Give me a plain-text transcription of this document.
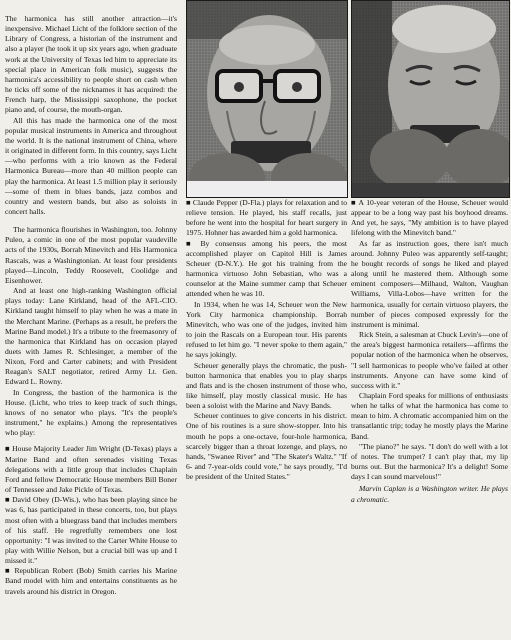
The harmonica has still another attraction—it's inexpensive. Michael Licht of the folklore section of the Library of Congress, a historian of the instrument and also a player (he took it up six years ago, when graduate work at the University of Texas led him to appreciate its special place in American folk music), suggests the harmonica's accessibility to people short on cash when he ticks off some of the nicknames it has acquired: the French harp, the Mississippi saxophone, the pocket piano and, of course, the mouth-organ.

All this has made the harmonica one of the most popular musical instruments in America and throughout the world. It is the national instrument of China, where it originated in different form. In this country, says Licht—who performs with a trio known as the Federal Harmonica Bureau—more than 40 million people can play the harmonica. At least 1.5 million play it seriously—some of them in blues bands, jazz combos and country and western bands, but also as soloists in concert halls.

The harmonica flourishes in Washington, too. Johnny Puleo, a comic in one of the most popular vaudeville acts of the 1930s, Borrah Minevitch and His Harmonica Rascals, was a Washingtonian. At least four presidents played—Lincoln, Teddy Roosevelt, Coolidge and Eisenhower.

And at least one high-ranking Washington official plays today: Lane Kirkland, head of the AFL-CIO. Kirkland taught himself to play when he was a mate in the Merchant Marine. (Perhaps as a result, he prefers the Marine Band model.) It's a tribute to the freemasonry of the harmonica that Kirkland has on occasion played duets with James R. Schlesinger, a member of the Nixon, Ford and Carter cabinets; and with President Reagan's SALT negotiator, retired Army Lt. Gen. Edward L. Rowny.

In Congress, the bastion of the harmonica is the House. (Licht, who tries to keep track of such things, knows of no senator who plays. "It's the people's instrument," he explains.) Among the representatives who play:

■ House Majority Leader Jim Wright (D-Texas) plays a Marine Band and often serenades visiting Texas delegations with a little group that includes Chaplain Ford and fellow Democratic House members Bill Boner of Tennessee and Jake Pickle of Texas.

■ David Obey (D-Wis.), who has been playing since he was 6, has participated in these concerts, too, but plays most often with a bluegrass band that includes members of his staff. He regretfully remembers one lost opportunity: "I was invited to the Carter White House to play with Willie Nelson, but a crucial bill was up and I missed it."

■ Republican Robert (Bob) Smith carries his Marine Band model with him and entertains constituents as he travels around his district in Oregon.

■ Claude Pepper (D-Fla.) plays for relaxation and to relieve tension. He played, his staff recalls, just before he went into the hospital for heart surgery in 1975. Hohner has awarded him a gold harmonica.

■ By consensus among his peers, the most accomplished player on Capitol Hill is James Scheuer (D-N.Y.). He got his training from the harmonica virtuoso John Sebastian, who was a counselor at the Maine summer camp that Scheuer attended when he was 10.

In 1934, when he was 14, Scheuer won the New York City harmonica championship. Borrah Minevitch, who was one of the judges, invited him to join the Rascals on a European tour. His parents refused to let him go. "I never spoke to them again," he says jokingly.

Scheuer generally plays the chromatic, the push-button harmonica that enables you to play sharps and flats and is the chosen instrument of those who, like himself, play mostly classical music. He has been a soloist with the Marine and Navy Bands.

Scheuer continues to give concerts in his district. One of his routines is a sure show-stopper. Into his mouth he pops a one-octave, four-hole harmonica, scarcely bigger than a throat lozenge, and plays, no hands, "Swanee River" and "The Skater's Waltz." "If 6- and 7-year-olds could vote," he says proudly, "I'd be president of the United States."

■ A 10-year veteran of the House, Scheuer would appear to be a long way past his boyhood dreams. And yet, he says, "My ambition is to have played lifelong with the Minevitch band."

As far as instruction goes, there isn't much around. Johnny Puleo was apparently self-taught; he bought records of songs he liked and played along until he mastered them. Although some eminent composers—Milhaud, Walton, Vaughan Williams, Villa-Lobos—have written for the harmonica, usually for certain virtuoso players, the number of pieces composed expressly for the instrument is minimal.

Rick Stein, a salesman at Chuck Levin's—one of the area's biggest harmonica retailers—affirms the popular notion of the harmonica when he observes, "I sell harmonicas to people who've failed at other instruments. Anyone can have some kind of success with it."

Chaplain Ford speaks for millions of enthusiasts when he talks of what the harmonica has come to mean to him. A chromatic accompanied him on the transatlantic trip; today he mostly plays the Marine Band.

"The piano?" he says. "I don't do well with a lot of notes. The trumpet? I can't play that, my lip burns out. But the harmonica? It's a delight! Some days I can sound marvelous!"

Marvin Caplan is a Washington writer. He plays a chromatic.
